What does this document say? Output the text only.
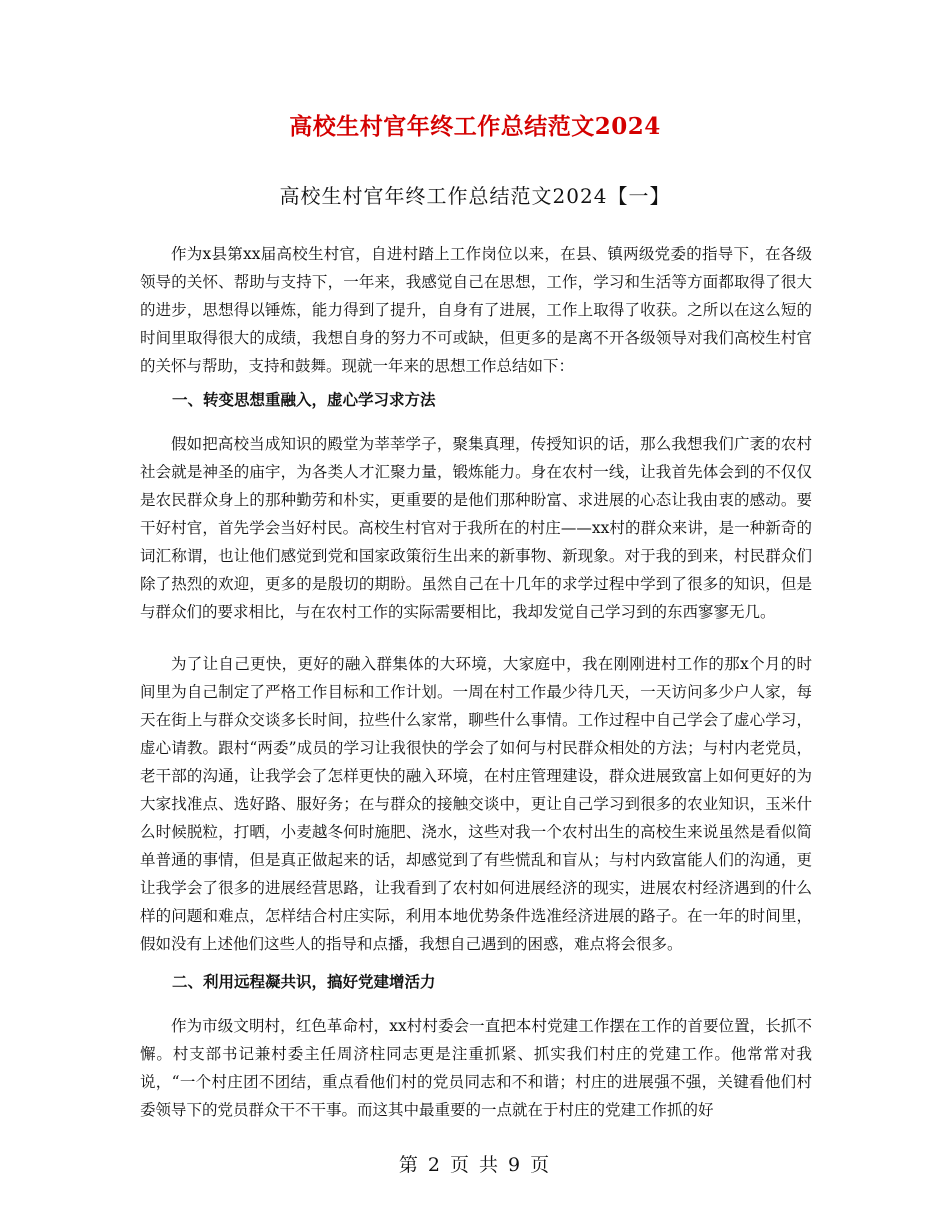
高校生村官年终工作总结范文2024
高校生村官年终工作总结范文2024【一】

作为x县第xx届高校生村官，自进村踏上工作岗位以来，在县、镇两级党委的指导下，在各级领导的关怀、帮助与支持下，一年来，我感觉自己在思想，工作，学习和生活等方面都取得了很大的进步，思想得以锤炼，能力得到了提升，自身有了进展，工作上取得了收获。之所以在这么短的时间里取得很大的成绩，我想自身的努力不可或缺，但更多的是离不开各级领导对我们高校生村官的关怀与帮助，支持和鼓舞。现就一年来的思想工作总结如下：

一、转变思想重融入，虚心学习求方法

假如把高校当成知识的殿堂为莘莘学子，聚集真理，传授知识的话，那么我想我们广袤的农村社会就是神圣的庙宇，为各类人才汇聚力量，锻炼能力。身在农村一线，让我首先体会到的不仅仅是农民群众身上的那种勤劳和朴实，更重要的是他们那种盼富、求进展的心态让我由衷的感动。要干好村官，首先学会当好村民。高校生村官对于我所在的村庄——xx村的群众来讲，是一种新奇的词汇称谓，也让他们感觉到党和国家政策衍生出来的新事物、新现象。对于我的到来，村民群众们除了热烈的欢迎，更多的是殷切的期盼。虽然自己在十几年的求学过程中学到了很多的知识，但是与群众们的要求相比，与在农村工作的实际需要相比，我却发觉自己学习到的东西寥寥无几。

为了让自己更快，更好的融入群集体的大环境，大家庭中，我在刚刚进村工作的那x个月的时间里为自己制定了严格工作目标和工作计划。一周在村工作最少待几天，一天访问多少户人家，每天在街上与群众交谈多长时间，拉些什么家常，聊些什么事情。工作过程中自己学会了虚心学习，虚心请教。跟村“两委”成员的学习让我很快的学会了如何与村民群众相处的方法；与村内老党员，老干部的沟通，让我学会了怎样更快的融入环境，在村庄管理建设，群众进展致富上如何更好的为大家找准点、选好路、服好务；在与群众的接触交谈中，更让自己学习到很多的农业知识，玉米什么时候脱粒，打晒，小麦越冬何时施肥、浇水，这些对我一个农村出生的高校生来说虽然是看似简单普通的事情，但是真正做起来的话，却感觉到了有些慌乱和盲从；与村内致富能人们的沟通，更让我学会了很多的进展经营思路，让我看到了农村如何进展经济的现实，进展农村经济遇到的什么样的问题和难点，怎样结合村庄实际，利用本地优势条件选准经济进展的路子。在一年的时间里，假如没有上述他们这些人的指导和点播，我想自己遇到的困惑，难点将会很多。

二、利用远程凝共识，搞好党建增活力

作为市级文明村，红色革命村，xx村村委会一直把本村党建工作摆在工作的首要位置，长抓不懈。村支部书记兼村委主任周济柱同志更是注重抓紧、抓实我们村庄的党建工作。他常常对我说，“一个村庄团不团结，重点看他们村的党员同志和不和谐；村庄的进展强不强，关键看他们村委领导下的党员群众干不干事。而这其中最重要的一点就在于村庄的党建工作抓的好

第 2 页 共 9 页
